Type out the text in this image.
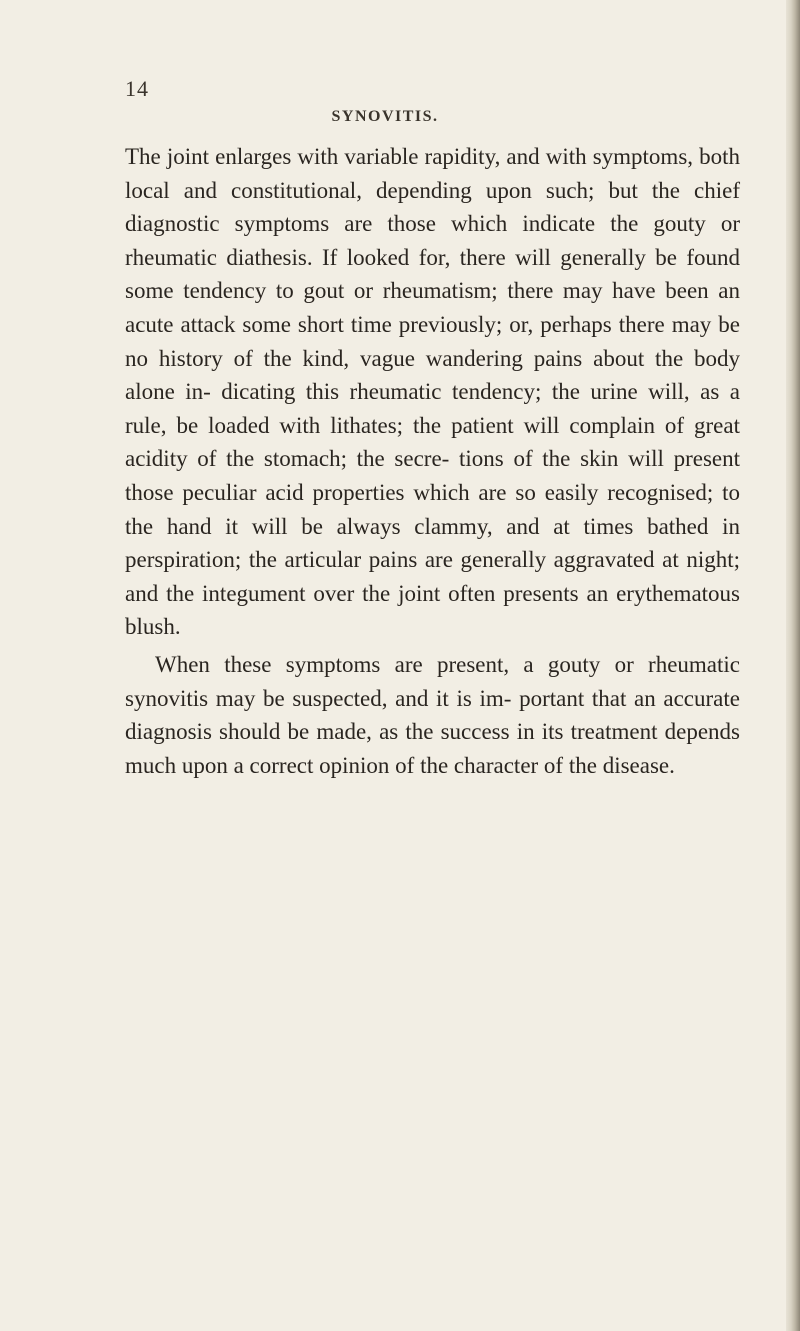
14
SYNOVITIS.

The joint enlarges with variable rapidity, and with symptoms, both local and constitutional, depending upon such; but the chief diagnostic symptoms are those which indicate the gouty or rheumatic diathesis. If looked for, there will generally be found some tendency to gout or rheumatism; there may have been an acute attack some short time previously; or, perhaps there may be no history of the kind, vague wandering pains about the body alone in- dicating this rheumatic tendency; the urine will, as a rule, be loaded with lithates; the patient will complain of great acidity of the stomach; the secre- tions of the skin will present those peculiar acid properties which are so easily recognised; to the hand it will be always clammy, and at times bathed in perspiration; the articular pains are generally aggravated at night; and the integument over the joint often presents an erythematous blush.

When these symptoms are present, a gouty or rheumatic synovitis may be suspected, and it is im- portant that an accurate diagnosis should be made, as the success in its treatment depends much upon a correct opinion of the character of the disease.
